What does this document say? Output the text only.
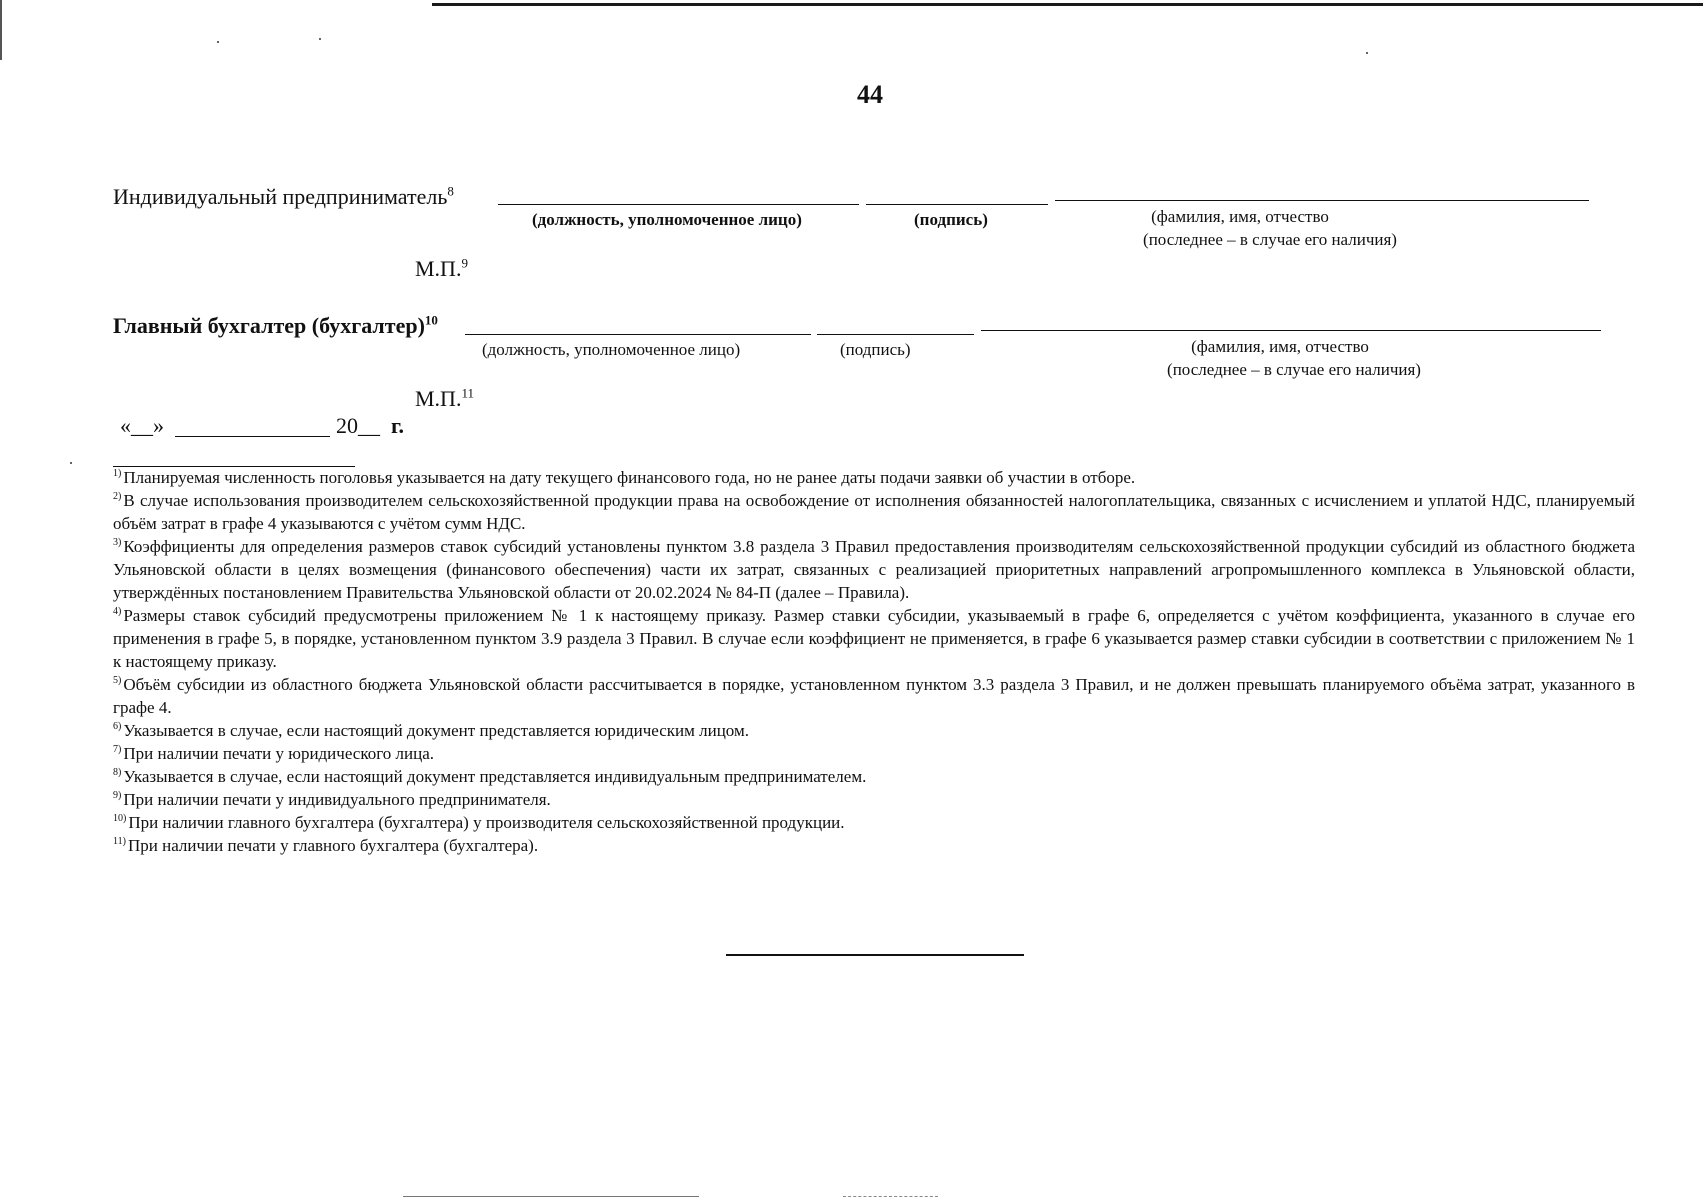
44
Индивидуальный предприниматель$^8$
(должность, уполномоченное лицо)	(подпись)	(фамилия, имя, отчество
(последнее – в случае его наличия)
М.П.$^9$
Главный бухгалтер (бухгалтер)$^{10}$
(должность, уполномоченное лицо)	(подпись)	(фамилия, имя, отчество
(последнее – в случае его наличия)
М.П.$^{11}$
«__»	20__ г.

$^{1)}$ Планируемая численность поголовья указывается на дату текущего финансового года, но не ранее даты подачи заявки об участии в отборе.

$^{2)}$ В случае использования производителем сельскохозяйственной продукции права на освобождение от исполнения обязанностей налогоплательщика, связанных с исчислением и уплатой НДС, планируемый объём затрат в графе 4 указываются с учётом сумм НДС.

$^{3)}$ Коэффициенты для определения размеров ставок субсидий установлены пунктом 3.8 раздела 3 Правил предоставления производителям сельскохозяйственной продукции субсидий из областного бюджета Ульяновской области в целях возмещения (финансового обеспечения) части их затрат, связанных с реализацией приоритетных направлений агропромышленного комплекса в Ульяновской области, утверждённых постановлением Правительства Ульяновской области от 20.02.2024 № 84-П (далее – Правила).

$^{4)}$ Размеры ставок субсидий предусмотрены приложением № 1 к настоящему приказу. Размер ставки субсидии, указываемый в графе 6, определяется с учётом коэффициента, указанного в случае его применения в графе 5, в порядке, установленном пунктом 3.9 раздела 3 Правил. В случае если коэффициент не применяется, в графе 6 указывается размер ставки субсидии в соответствии с приложением № 1 к настоящему приказу.

$^{5)}$ Объём субсидии из областного бюджета Ульяновской области рассчитывается в порядке, установленном пунктом 3.3 раздела 3 Правил, и не должен превышать планируемого объёма затрат, указанного в графе 4.

$^{6)}$ Указывается в случае, если настоящий документ представляется юридическим лицом.

$^{7)}$ При наличии печати у юридического лица.

$^{8)}$ Указывается в случае, если настоящий документ представляется индивидуальным предпринимателем.

$^{9)}$ При наличии печати у индивидуального предпринимателя.

$^{10)}$ При наличии главного бухгалтера (бухгалтера) у производителя сельскохозяйственной продукции.

$^{11)}$ При наличии печати у главного бухгалтера (бухгалтера).
